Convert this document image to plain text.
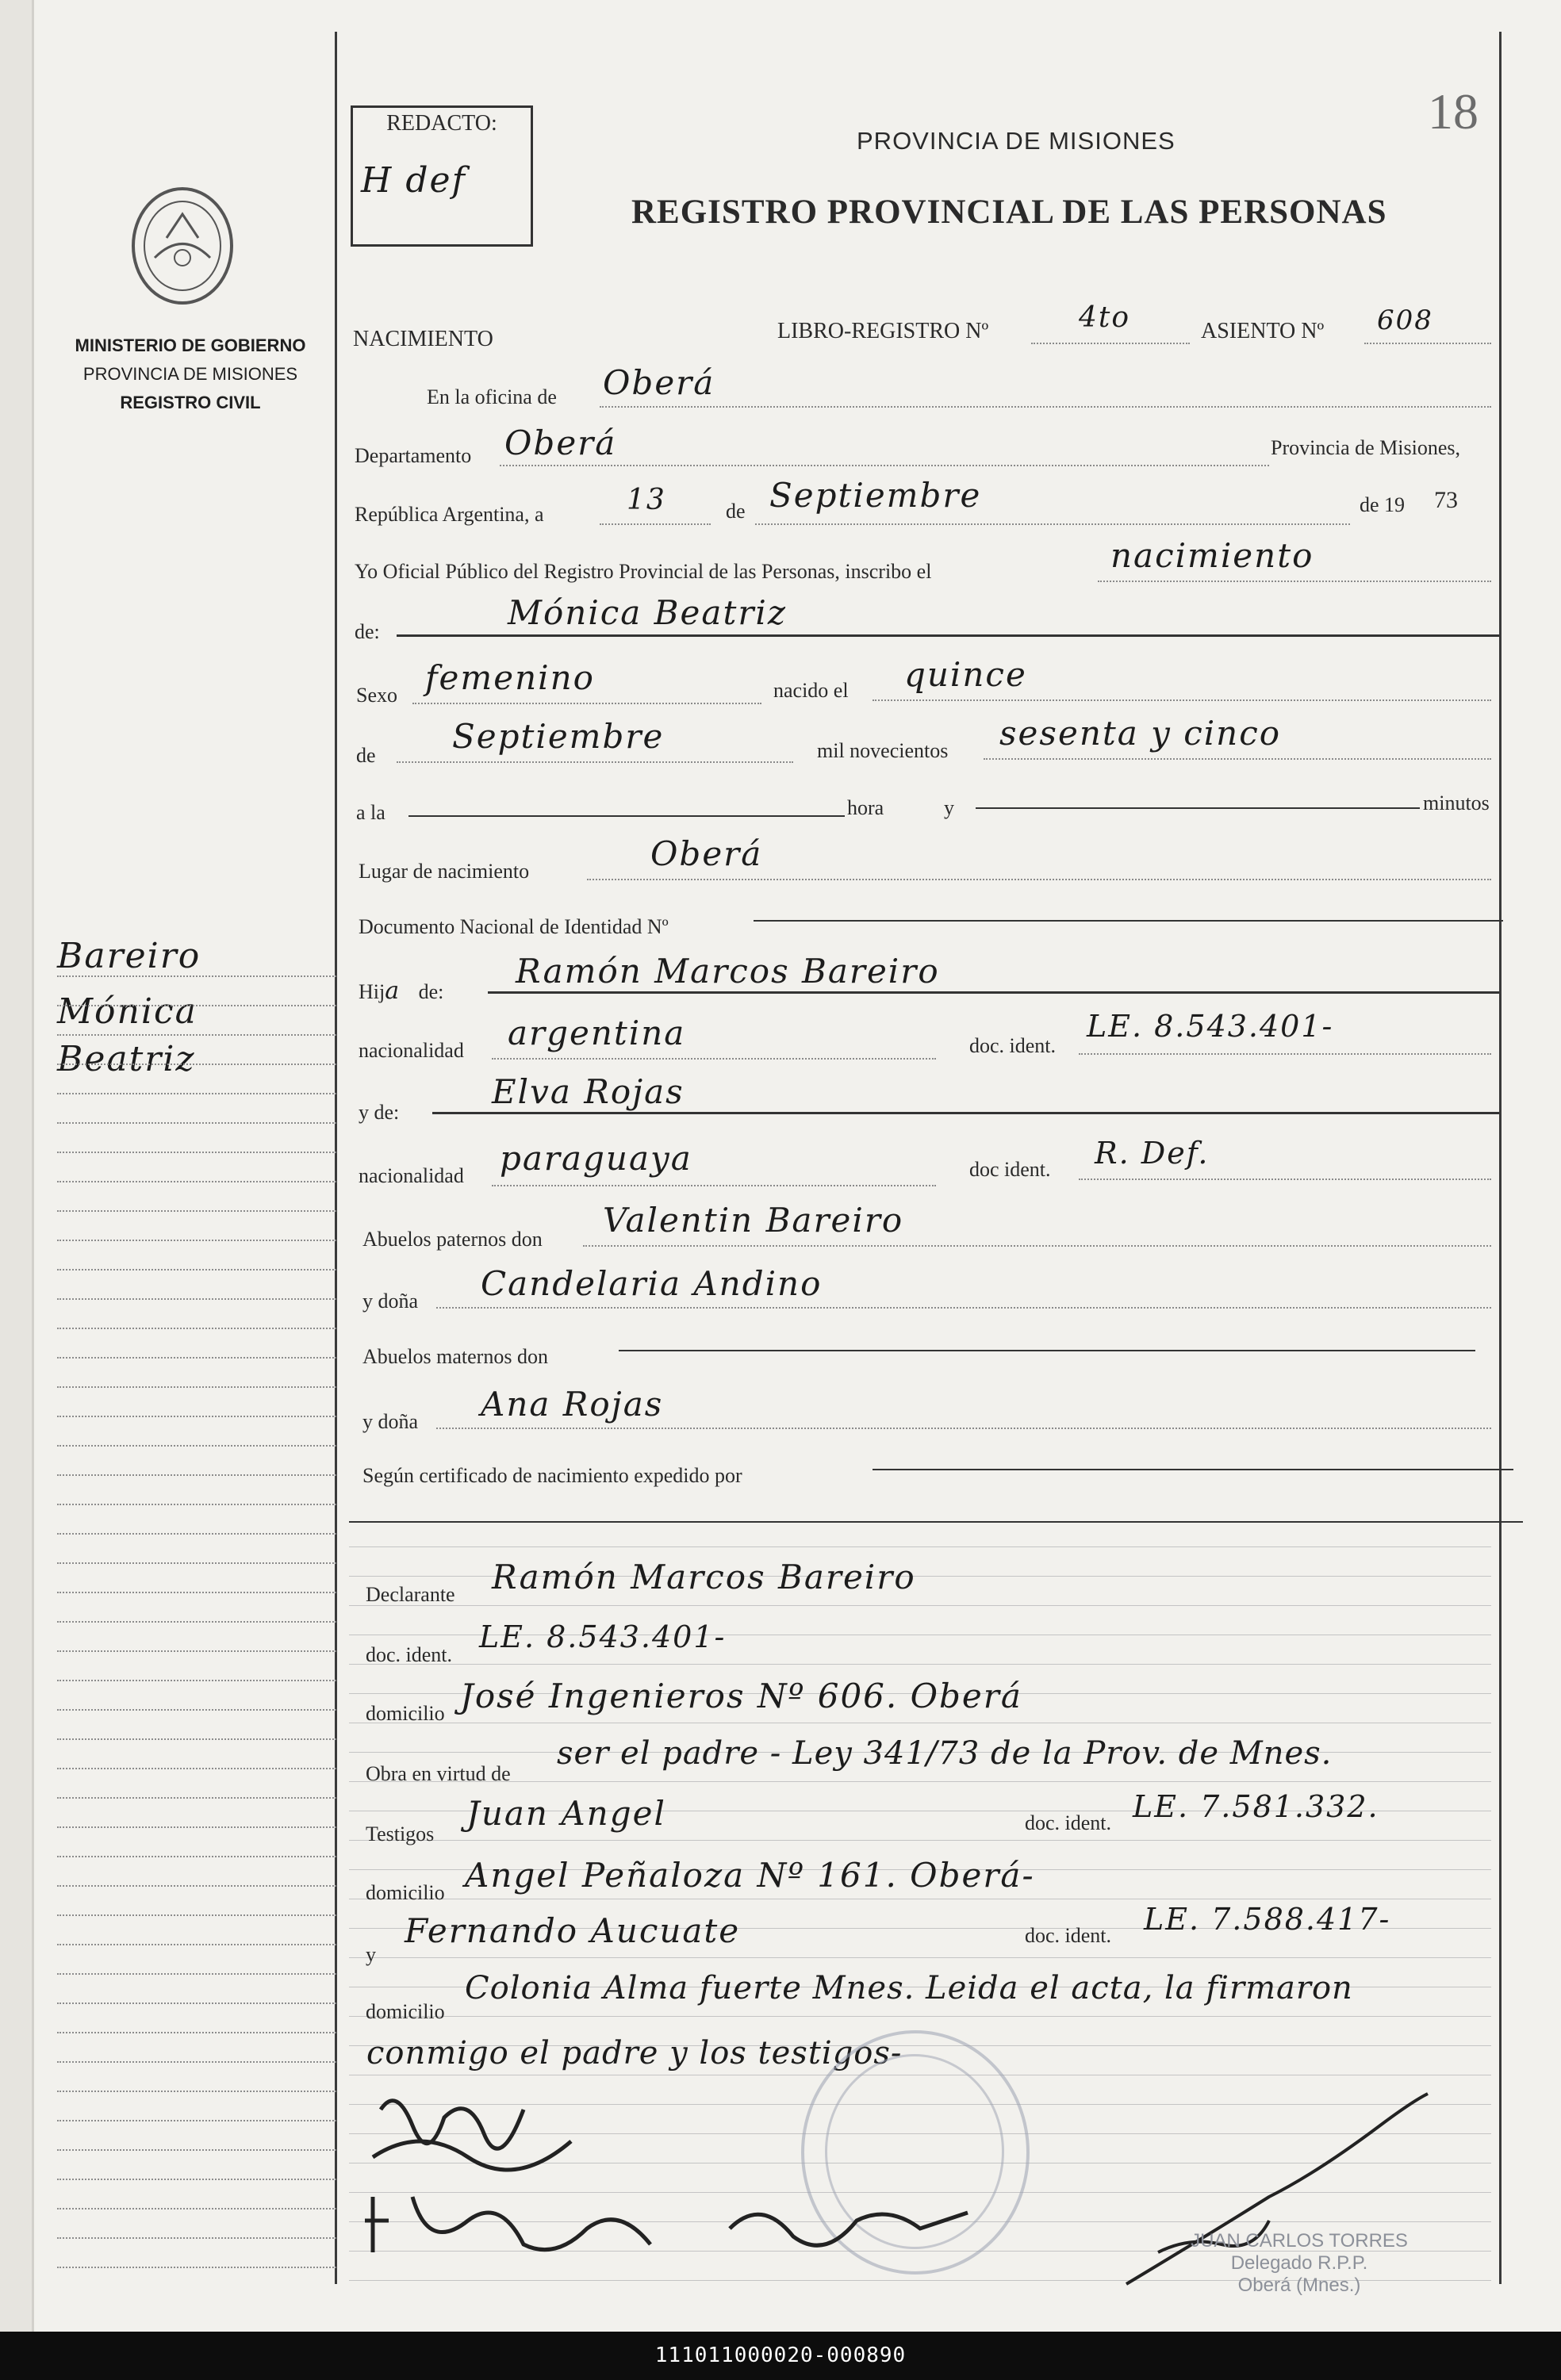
MINISTERIO DE GOBIERNO
PROVINCIA DE MISIONES
REGISTRO CIVIL
Bareiro
Mónica
Beatriz
REDACTO:
H def
18
PROVINCIA DE MISIONES
REGISTRO PROVINCIAL DE LAS PERSONAS
NACIMIENTO	LIBRO-REGISTRO Nº	4to	ASIENTO Nº 608
En la oficina de Oberá
Departamento Oberá	Provincia de Misiones,
República Argentina, a	13	de Septiembre	de 19 73
Yo Oficial Público del Registro Provincial de las Personas, inscribo el	nacimiento
de:	Mónica Beatriz
Sexo femenino	nacido el quince
de Septiembre	mil novecientos sesenta y cinco
a la	hora	y	minutos
Lugar de nacimiento	Oberá
Documento Nacional de Identidad Nº
Hija de:
Ramón Marcos Bareiro
nacionalidad argentina	doc. ident.
LE. 8.543.401-
y de:
Elva Rojas
nacionalidad paraguaya	doc ident. R. Def.
Abuelos paternos don Valentin Bareiro
y doña Candelaria Andino
Abuelos maternos don
y doña Ana Rojas
Según certificado de nacimiento expedido por
Declarante Ramón Marcos Bareiro
doc. ident.
LE. 8.543.401-
domicilio José Ingenieros Nº 606. Oberá
Obra en virtud de
ser el padre - Ley 341/73 de la Prov. de Mnes.
Testigos
Juan Angel	doc. ident. LE. 7.581.332.
domicilio Angel Peñaloza Nº 161. Oberá-
y
Fernando Aucuate	doc. ident. LE. 7.588.417-
domicilio
Colonia Alma fuerte Mnes. Leida el acta, la firmaron
conmigo el padre y los testigos-
JUAN CARLOS TORRES
Delegado R.P.P.
Oberá (Mnes.)
111011000020-000890
